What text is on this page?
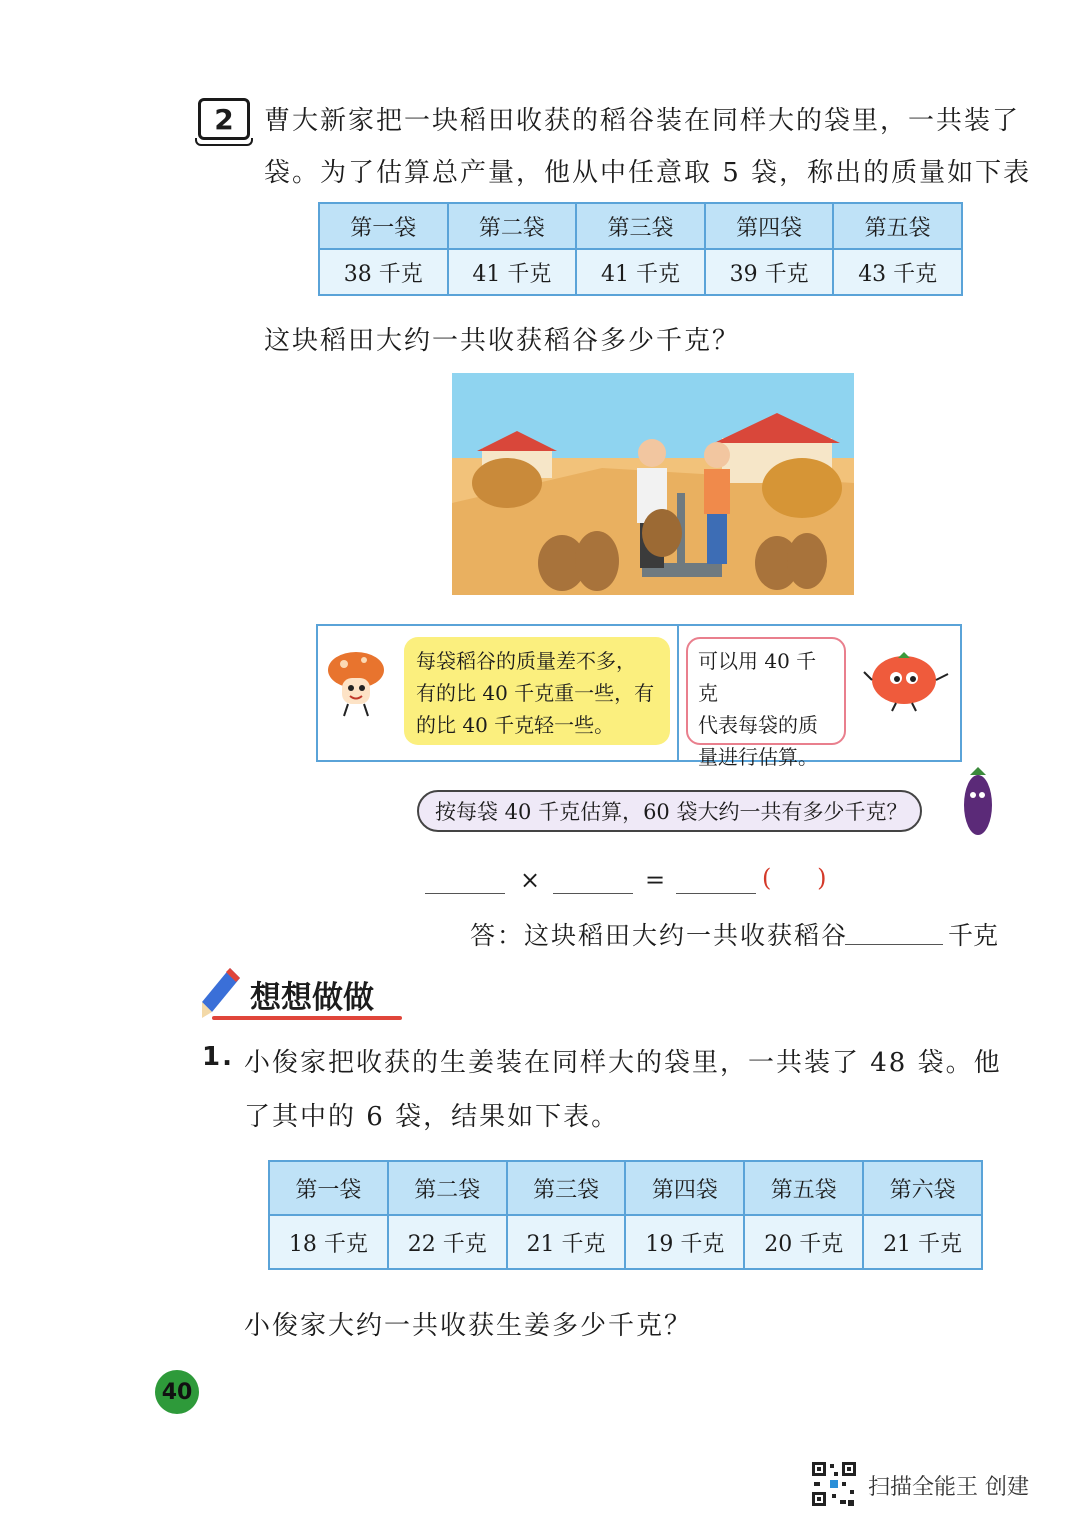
2 曹大新家把一块稻田收获的稻谷装在同样大的袋里，一共装了
袋。为了估算总产量，他从中任意取 5 袋，称出的质量如下表
第一袋	第二袋	第三袋	第四袋	第五袋
38 千克	41 千克	41 千克	39 千克	43 千克
这块稻田大约一共收获稻谷多少千克？
每袋稻谷的质量差不多，
有的比 40 千克重一些，有
的比 40 千克轻一些。
可以用 40 千克
代表每袋的质
量进行估算。
按每袋 40 千克估算，60 袋大约一共有多少千克？
×	=	(      )
答：这块稻田大约一共收获稻谷	千克
想想做做
1. 小俊家把收获的生姜装在同样大的袋里，一共装了 48 袋。他
了其中的 6 袋，结果如下表。
第一袋	第二袋	第三袋	第四袋	第五袋	第六袋
18 千克	22 千克	21 千克	19 千克	20 千克	21 千克
小俊家大约一共收获生姜多少千克？
40
扫描全能王 创建
